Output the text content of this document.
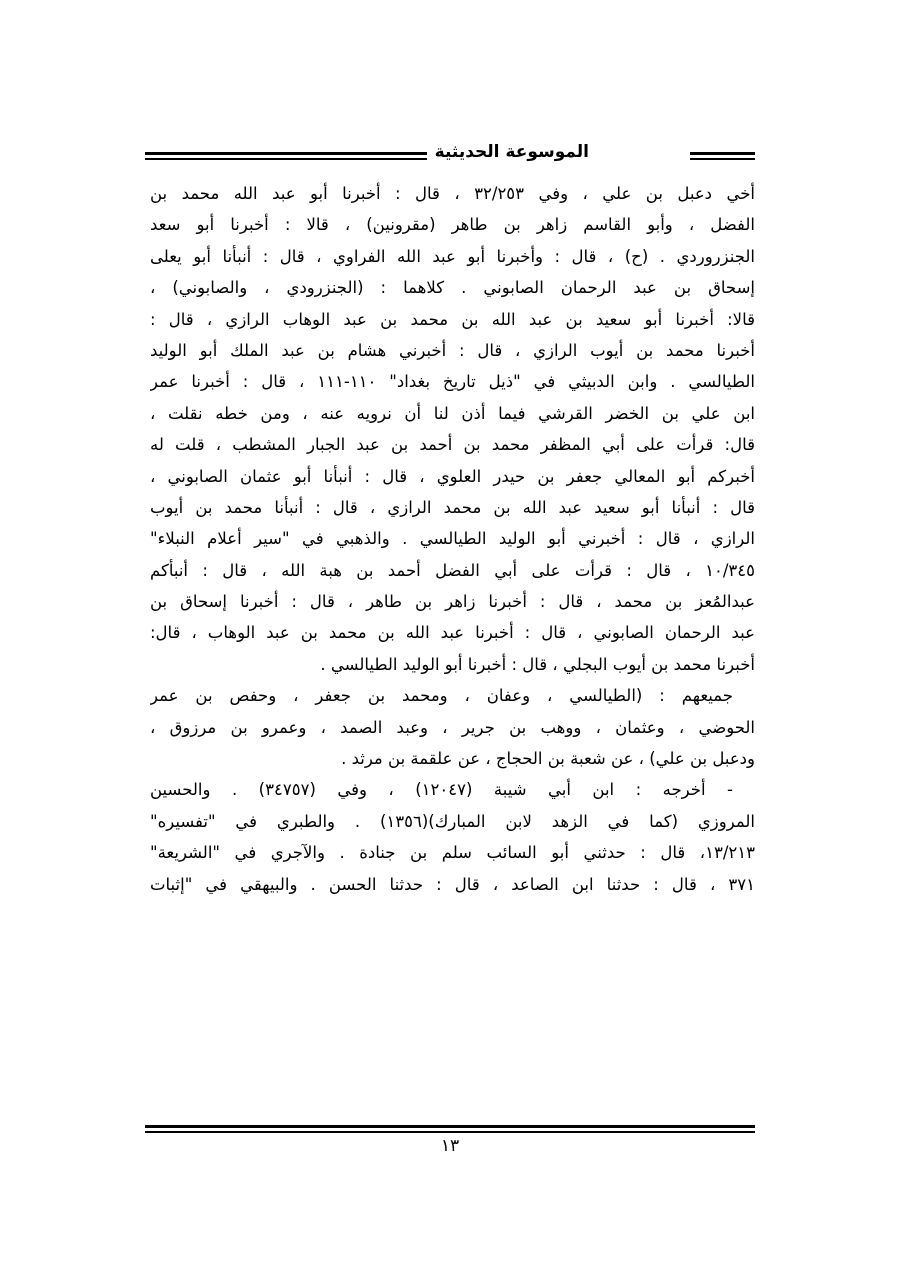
الموسوعة الحديثية
أخي دعبل بن علي ، وفي ٣٢/٢٥٣ ، قال : أخبرنا أبو عبد الله محمد بن
الفضل ، وأبو القاسم زاهر بن طاهر (مقرونين) ، قالا : أخبرنا أبو سعد
الجنزروردي . (ح) ، قال : وأخبرنا أبو عبد الله الفراوي ، قال : أنبأنا أبو يعلى
إسحاق بن عبد الرحمان الصابوني . كلاهما : (الجنزرودي ، والصابوني) ،
قالا: أخبرنا أبو سعيد بن عبد الله بن محمد بن عبد الوهاب الرازي ، قال :
أخبرنا محمد بن أيوب الرازي ، قال : أخبرني هشام بن عبد الملك أبو الوليد
الطيالسي . وابن الدبيثي في "ذيل تاريخ بغداد" ١١٠-١١١ ، قال : أخبرنا عمر
ابن علي بن الخضر القرشي فيما أذن لنا أن نرويه عنه ، ومن خطه نقلت ،
قال: قرأت على أبي المظفر محمد بن أحمد بن عبد الجبار المشطب ، قلت له
أخبركم أبو المعالي جعفر بن حيدر العلوي ، قال : أنبأنا أبو عثمان الصابوني ،
قال : أنبأنا أبو سعيد عبد الله بن محمد الرازي ، قال : أنبأنا محمد بن أيوب
الرازي ، قال : أخبرني أبو الوليد الطيالسي . والذهبي في "سير أعلام النبلاء"
١٠/٣٤٥ ، قال : قرأت على أبي الفضل أحمد بن هبة الله ، قال : أنبأكم
عبدالمُعز بن محمد ، قال : أخبرنا زاهر بن طاهر ، قال : أخبرنا إسحاق بن
عبد الرحمان الصابوني ، قال : أخبرنا عبد الله بن محمد بن عبد الوهاب ، قال:
أخبرنا محمد بن أيوب البجلي ، قال : أخبرنا أبو الوليد الطيالسي .
جميعهم : (الطيالسي ، وعفان ، ومحمد بن جعفر ، وحفص بن عمر
الحوضي ، وعثمان ، ووهب بن جرير ، وعبد الصمد ، وعمرو بن مرزوق ،
ودعبل بن علي) ، عن شعبة بن الحجاج ، عن علقمة بن مرثد .
- أخرجه : ابن أبي شيبة (١٢٠٤٧) ، وفي (٣٤٧٥٧) . والحسين
المروزي (كما في الزهد لابن المبارك)(١٣٥٦) . والطبري في "تفسيره"
١٣/٢١٣، قال : حدثني أبو السائب سلم بن جنادة . والآجري في "الشريعة"
٣٧١ ، قال : حدثنا ابن الصاعد ، قال : حدثنا الحسن . والبيهقي في "إثبات
١٣
